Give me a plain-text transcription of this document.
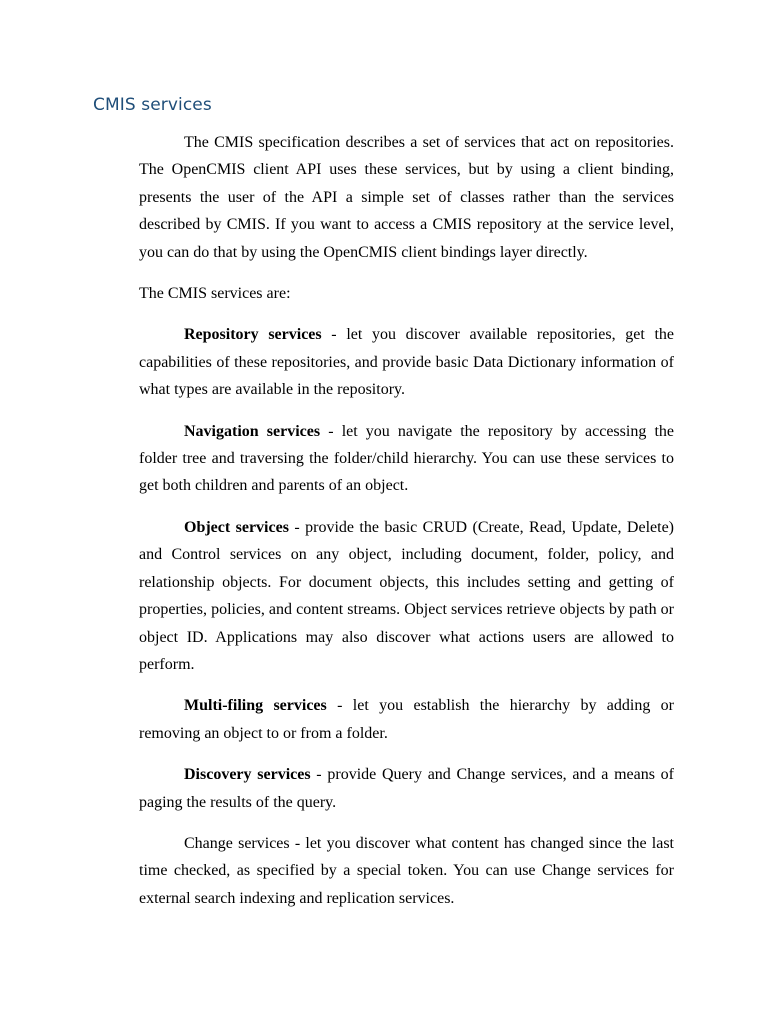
CMIS services

The CMIS specification describes a set of services that act on repositories. The OpenCMIS client API uses these services, but by using a client binding, presents the user of the API a simple set of classes rather than the services described by CMIS. If you want to access a CMIS repository at the service level, you can do that by using the OpenCMIS client bindings layer directly.

The CMIS services are:

Repository services - let you discover available repositories, get the capabilities of these repositories, and provide basic Data Dictionary information of what types are available in the repository.

Navigation services - let you navigate the repository by accessing the folder tree and traversing the folder/child hierarchy. You can use these services to get both children and parents of an object.

Object services - provide the basic CRUD (Create, Read, Update, Delete) and Control services on any object, including document, folder, policy, and relationship objects. For document objects, this includes setting and getting of properties, policies, and content streams. Object services retrieve objects by path or object ID. Applications may also discover what actions users are allowed to perform.

Multi-filing services - let you establish the hierarchy by adding or removing an object to or from a folder.

Discovery services - provide Query and Change services, and a means of paging the results of the query.

Change services - let you discover what content has changed since the last time checked, as specified by a special token. You can use Change services for external search indexing and replication services.
